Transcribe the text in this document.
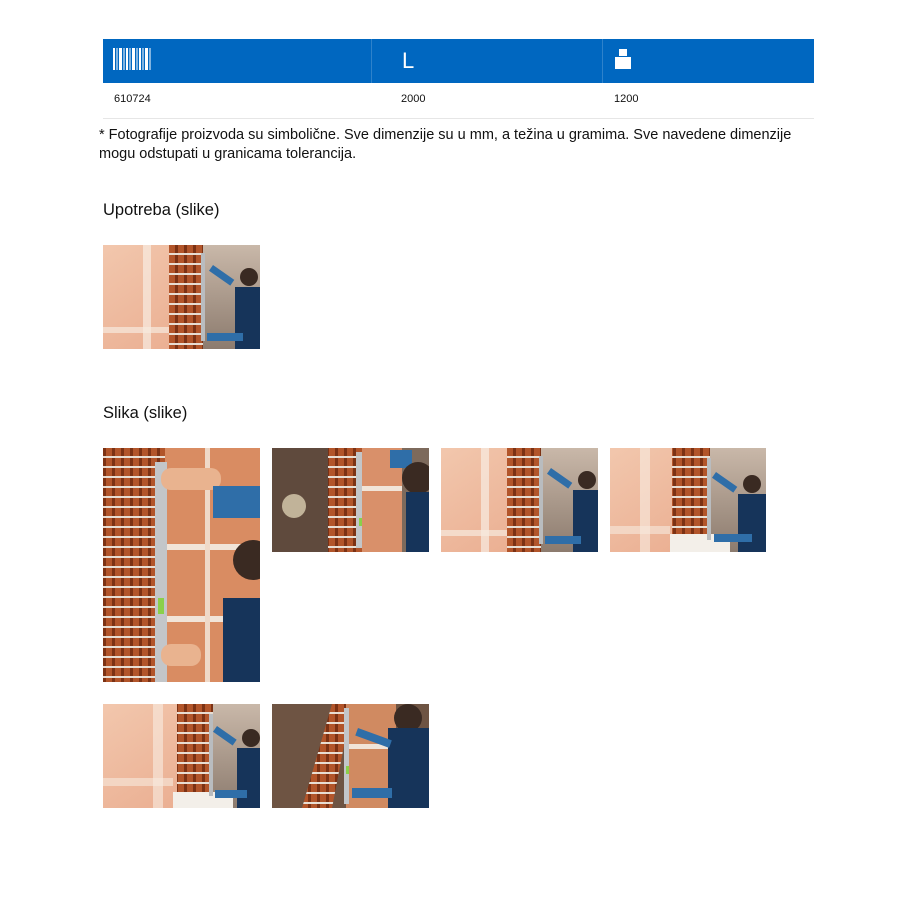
L
610724	2000	1200
* Fotografije proizvoda su simbolične. Sve dimenzije su u mm, a težina u gramima. Sve navedene dimenzije mogu odstupati u granicama tolerancija.
Upotreba (slike)
Slika (slike)
